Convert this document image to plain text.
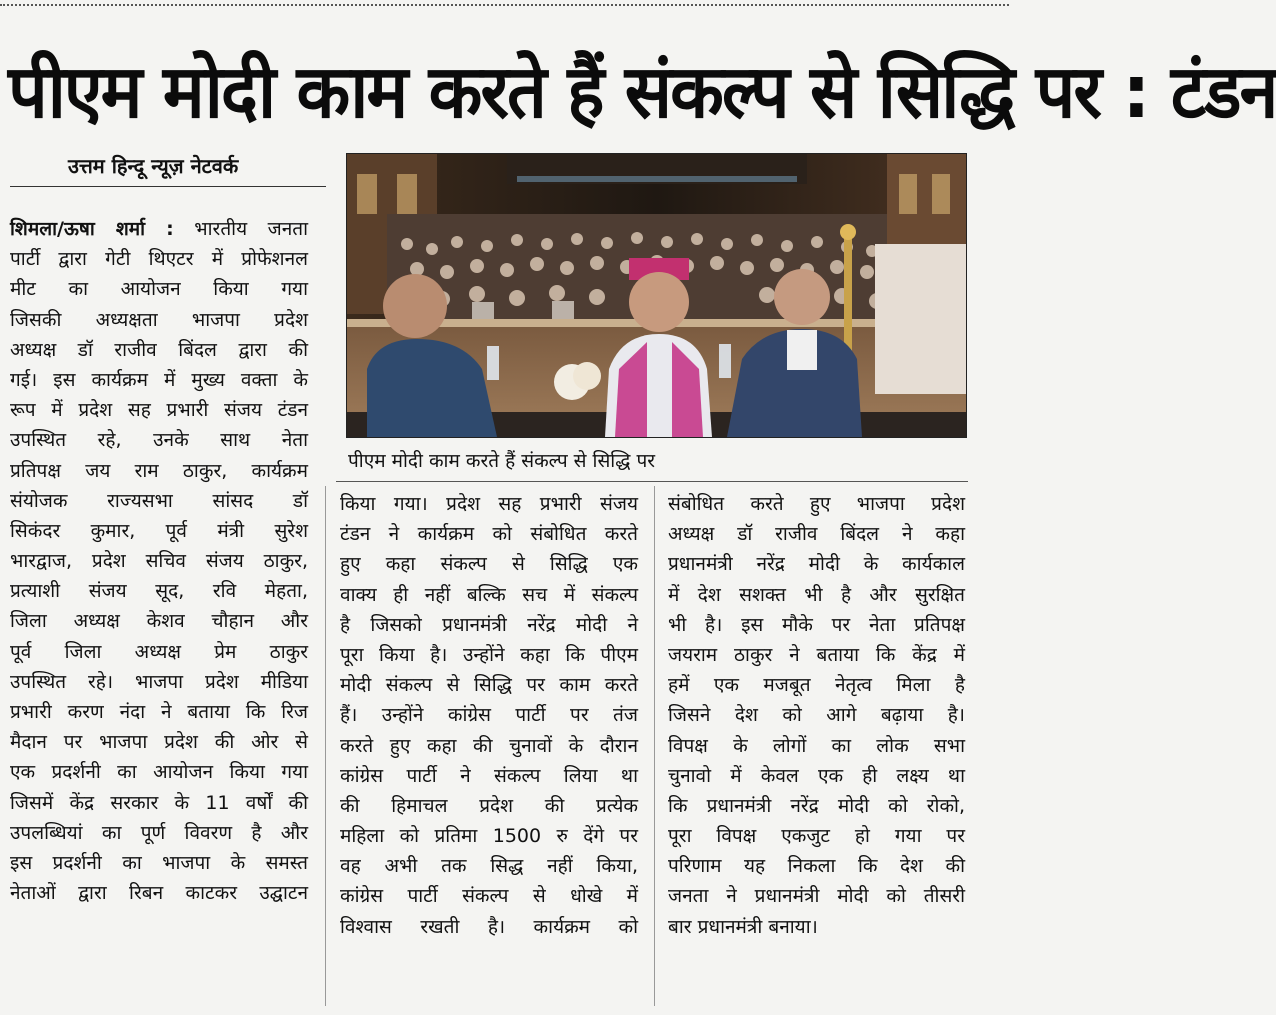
पीएम मोदी काम करते हैं संकल्प से सिद्धि पर : टंडन
उत्तम हिन्दू न्यूज़ नेटवर्क
पीएम मोदी काम करते हैं संकल्प से सिद्धि पर
शिमला/ऊषा शर्मा : भारतीय जनता
पार्टी द्वारा गेटी थिएटर में प्रोफेशनल
मीट का आयोजन किया गया
जिसकी अध्यक्षता भाजपा प्रदेश
अध्यक्ष डॉ राजीव बिंदल द्वारा की
गई। इस कार्यक्रम में मुख्य वक्ता के
रूप में प्रदेश सह प्रभारी संजय टंडन
उपस्थित रहे, उनके साथ नेता
प्रतिपक्ष जय राम ठाकुर, कार्यक्रम
संयोजक राज्यसभा सांसद डॉ
सिकंदर कुमार, पूर्व मंत्री सुरेश
भारद्वाज, प्रदेश सचिव संजय ठाकुर,
प्रत्याशी संजय सूद, रवि मेहता,
जिला अध्यक्ष केशव चौहान और
पूर्व जिला अध्यक्ष प्रेम ठाकुर
उपस्थित रहे। भाजपा प्रदेश मीडिया
प्रभारी करण नंदा ने बताया कि रिज
मैदान पर भाजपा प्रदेश की ओर से
एक प्रदर्शनी का आयोजन किया गया
जिसमें केंद्र सरकार के 11 वर्षों की
उपलब्धियां का पूर्ण विवरण है और
इस प्रदर्शनी का भाजपा के समस्त
नेताओं द्वारा रिबन काटकर उद्घाटन
किया गया। प्रदेश सह प्रभारी संजय
टंडन ने कार्यक्रम को संबोधित करते
हुए कहा संकल्प से सिद्धि एक
वाक्य ही नहीं बल्कि सच में संकल्प
है जिसको प्रधानमंत्री नरेंद्र मोदी ने
पूरा किया है। उन्होंने कहा कि पीएम
मोदी संकल्प से सिद्धि पर काम करते
हैं। उन्होंने कांग्रेस पार्टी पर तंज
करते हुए कहा की चुनावों के दौरान
कांग्रेस पार्टी ने संकल्प लिया था
की हिमाचल प्रदेश की प्रत्येक
महिला को प्रतिमा 1500 रु देंगे पर
वह अभी तक सिद्ध नहीं किया,
कांग्रेस पार्टी संकल्प से धोखे में
विश्वास रखती है। कार्यक्रम को
संबोधित करते हुए भाजपा प्रदेश
अध्यक्ष डॉ राजीव बिंदल ने कहा
प्रधानमंत्री नरेंद्र मोदी के कार्यकाल
में देश सशक्त भी है और सुरक्षित
भी है। इस मौके पर नेता प्रतिपक्ष
जयराम ठाकुर ने बताया कि केंद्र में
हमें एक मजबूत नेतृत्व मिला है
जिसने देश को आगे बढ़ाया है।
विपक्ष के लोगों का लोक सभा
चुनावो में केवल एक ही लक्ष्य था
कि प्रधानमंत्री नरेंद्र मोदी को रोको,
पूरा विपक्ष एकजुट हो गया पर
परिणाम यह निकला कि देश की
जनता ने प्रधानमंत्री मोदी को तीसरी
बार प्रधानमंत्री बनाया।
